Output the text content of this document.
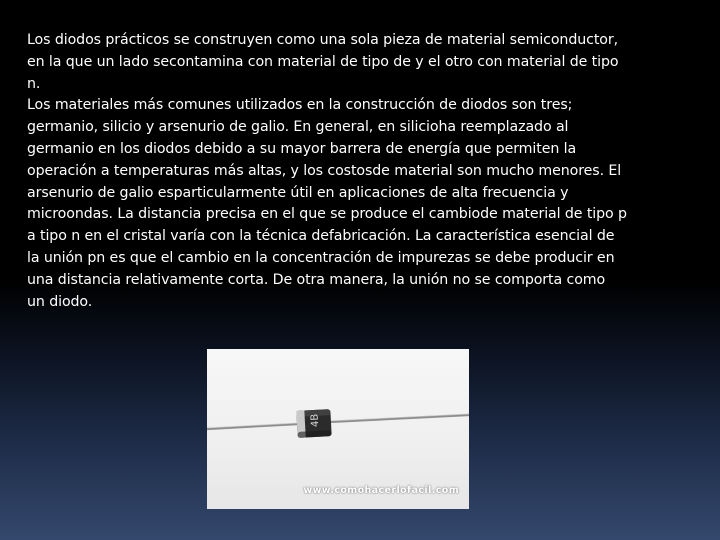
Los diodos prácticos se construyen como una sola pieza de material semiconductor, en la que un lado secontamina con material de tipo de y el otro con material de tipo n.

Los materiales más comunes utilizados en la construcción de diodos son tres; germanio, silicio y arsenurio de galio. En general, en silicioha reemplazado al germanio en los diodos debido a su mayor barrera de energía que permiten la operación a temperaturas más altas, y los costosde material son mucho menores. El arsenurio de galio esparticularmente útil en aplicaciones de alta frecuencia y microondas. La distancia precisa en el que se produce el cambiode material de tipo p a tipo n en el cristal varía con la técnica defabricación. La característica esencial de la unión pn es que el cambio en la concentración de impurezas se debe producir en una distancia relativamente corta. De otra manera, la unión no se comporta como un diodo.

4B
www.comohacerlofacil.com
